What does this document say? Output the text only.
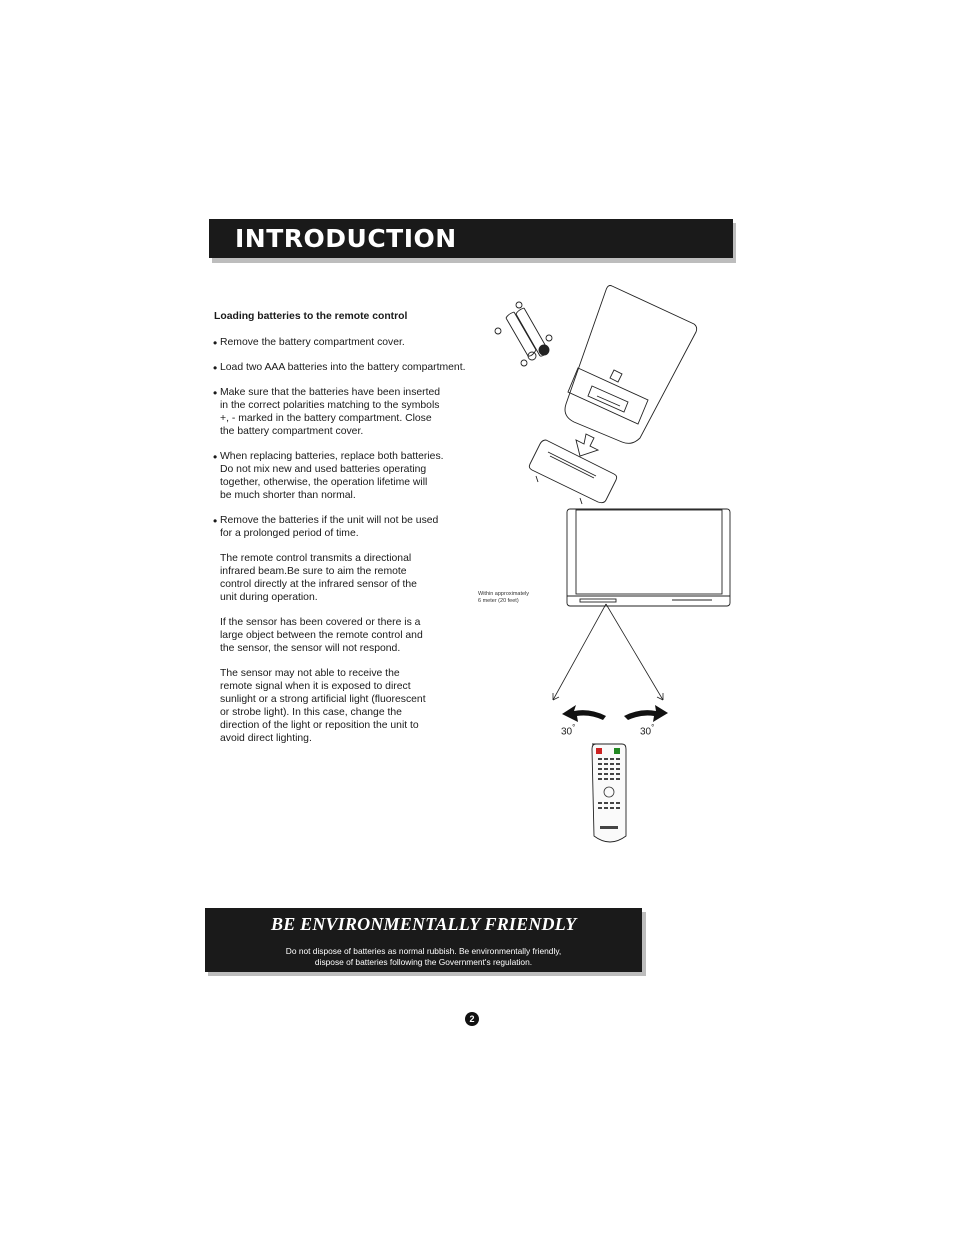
INTRODUCTION
Loading batteries to the remote control
• Remove the battery compartment cover.
• Load two AAA batteries into the battery compartment.
• Make sure that the batteries have been inserted
in the correct polarities matching to the symbols
+, - marked in the battery compartment. Close
the battery compartment cover.
• When replacing batteries, replace both batteries.
Do not mix new and used batteries operating
together, otherwise, the operation lifetime will
be much shorter than normal.
• Remove the batteries if the unit will not be used
for a prolonged period of time.
The remote control transmits a directional
infrared beam.Be sure to aim the remote
control directly at the infrared sensor of the
unit during operation.
If the sensor has been covered or there is a
large object between the remote control and
the sensor, the sensor will not respond.
The sensor may not able to receive the
remote signal when it is exposed to direct
sunlight or a strong artificial light (fluorescent
or strobe light). In this case, change the
direction of the light or reposition the unit to
avoid direct lighting.
Within approximately
6 meter (20 feet)
30°	30°
BE ENVIRONMENTALLY FRIENDLY
Do not dispose of batteries as normal rubbish. Be environmentally friendly,
dispose of batteries following the Government's regulation.
2
